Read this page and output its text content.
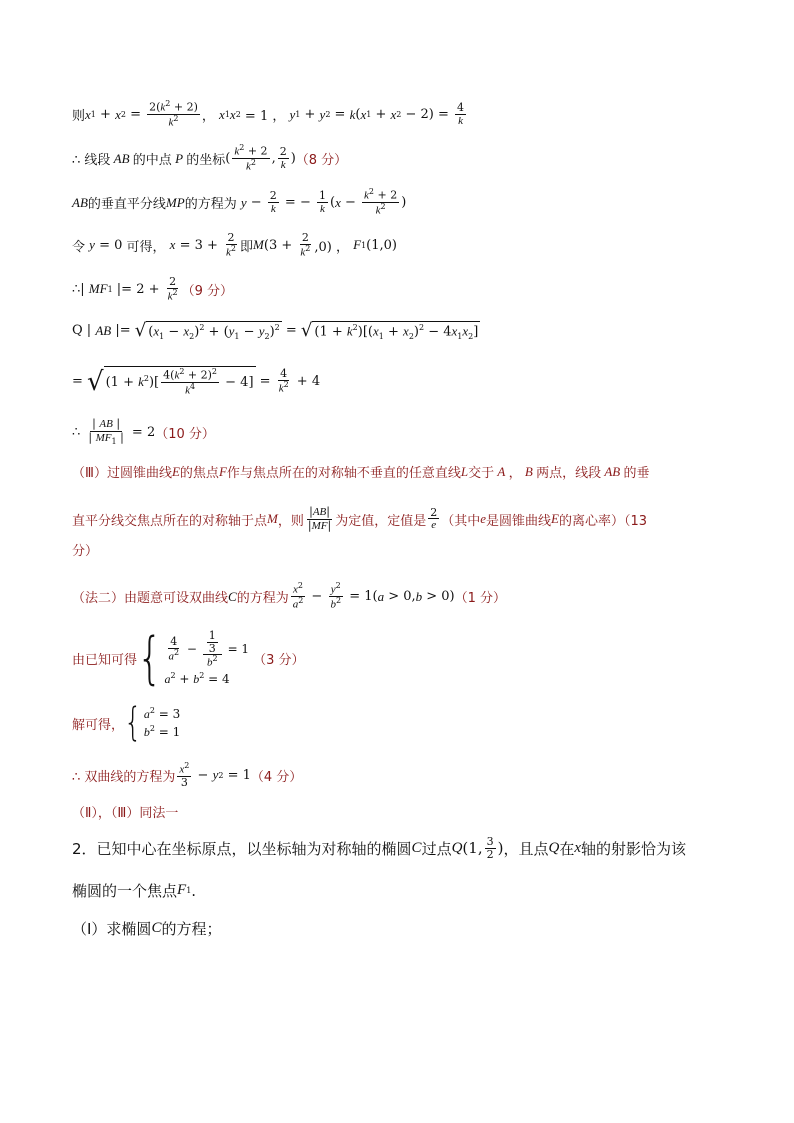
则 x 1 + x $2 = \frac{2(k^2 + 2)}{k^2}$ ， x 1 x 2 = 1 ， y 1 + y 2 = k ( x 1 + x $2 - 2) = \frac{4}{k}$
∴ 线段 AB 的中点 P 的坐标 ( $\frac{k^2 + 2}{k^2}$ , $\frac{2}{k}$ ) （8 分）
AB 的垂直平分线 MP 的方程为
$y - \frac{2}{k}$ = − $\frac{1}{k}$ ( $x - \frac{k^2 + 2}{k^2}$ )
令
y = 0 可得，
$x = 3 + \frac{2}{k^2}$ 即 M $(3 + \frac{2}{k^2} ,0)$ ， F 1 (1,0)
∴| MF 1 |= $2 + \frac{2}{k^2} (9$ 分）
Q | AB |= √ $(x_1 - x_2)^2 + (y_1 - y_2)^2$ = √ $(1 + k^2)[(x_1 + x_2)^2 - 4x_1x_2]$
= √ $(1 + k^2)[ \frac{4(k^2 + 2)^2}{k^4} - 4] = \frac{4}{k^2} + 4$
∴ $\frac{| AB |}{| MF_1 |} = 2$ （10 分）
（Ⅲ）过圆锥曲线 E 的焦点 F 作与焦点所在的对称轴不垂直的任意直线 L 交于 A ， B 两点，线段 AB 的垂
直平分线交焦点所在的对称轴于点 M ，则 $\frac{|AB|}{|MF|}$ 为定值，定值是 $\frac{2}{e}$ （其中 e 是圆锥曲线 E 的离心率）（13
分）
（法二）由题意可设双曲线 C 的方程为 $\frac{x^2}{a^2} - \frac{y^2}{b^2} = 1$( a > 0, b > 0) （1 分）
由已知可得 { $\frac{4}{a^2} - \frac{\frac{1}{3}}{b^2} = 1$
$a^2 + b^2 = 4$
（3 分）
解可得， { $a^2 = 3$
$b^2 = 1$
∴ 双曲线的方程为 $\frac{x^2}{3} - y$ 2 = 1 （4 分）
（Ⅱ），（Ⅲ）同法一
2．已知中心在坐标原点，以坐标轴为对称轴的椭圆 C 过点 Q (1, $\frac{3}{2}$ ) ，且点 Q 在 x 轴的射影恰为该
椭圆的一个焦点 F 1 .
（Ⅰ）求椭圆 C 的方程；
